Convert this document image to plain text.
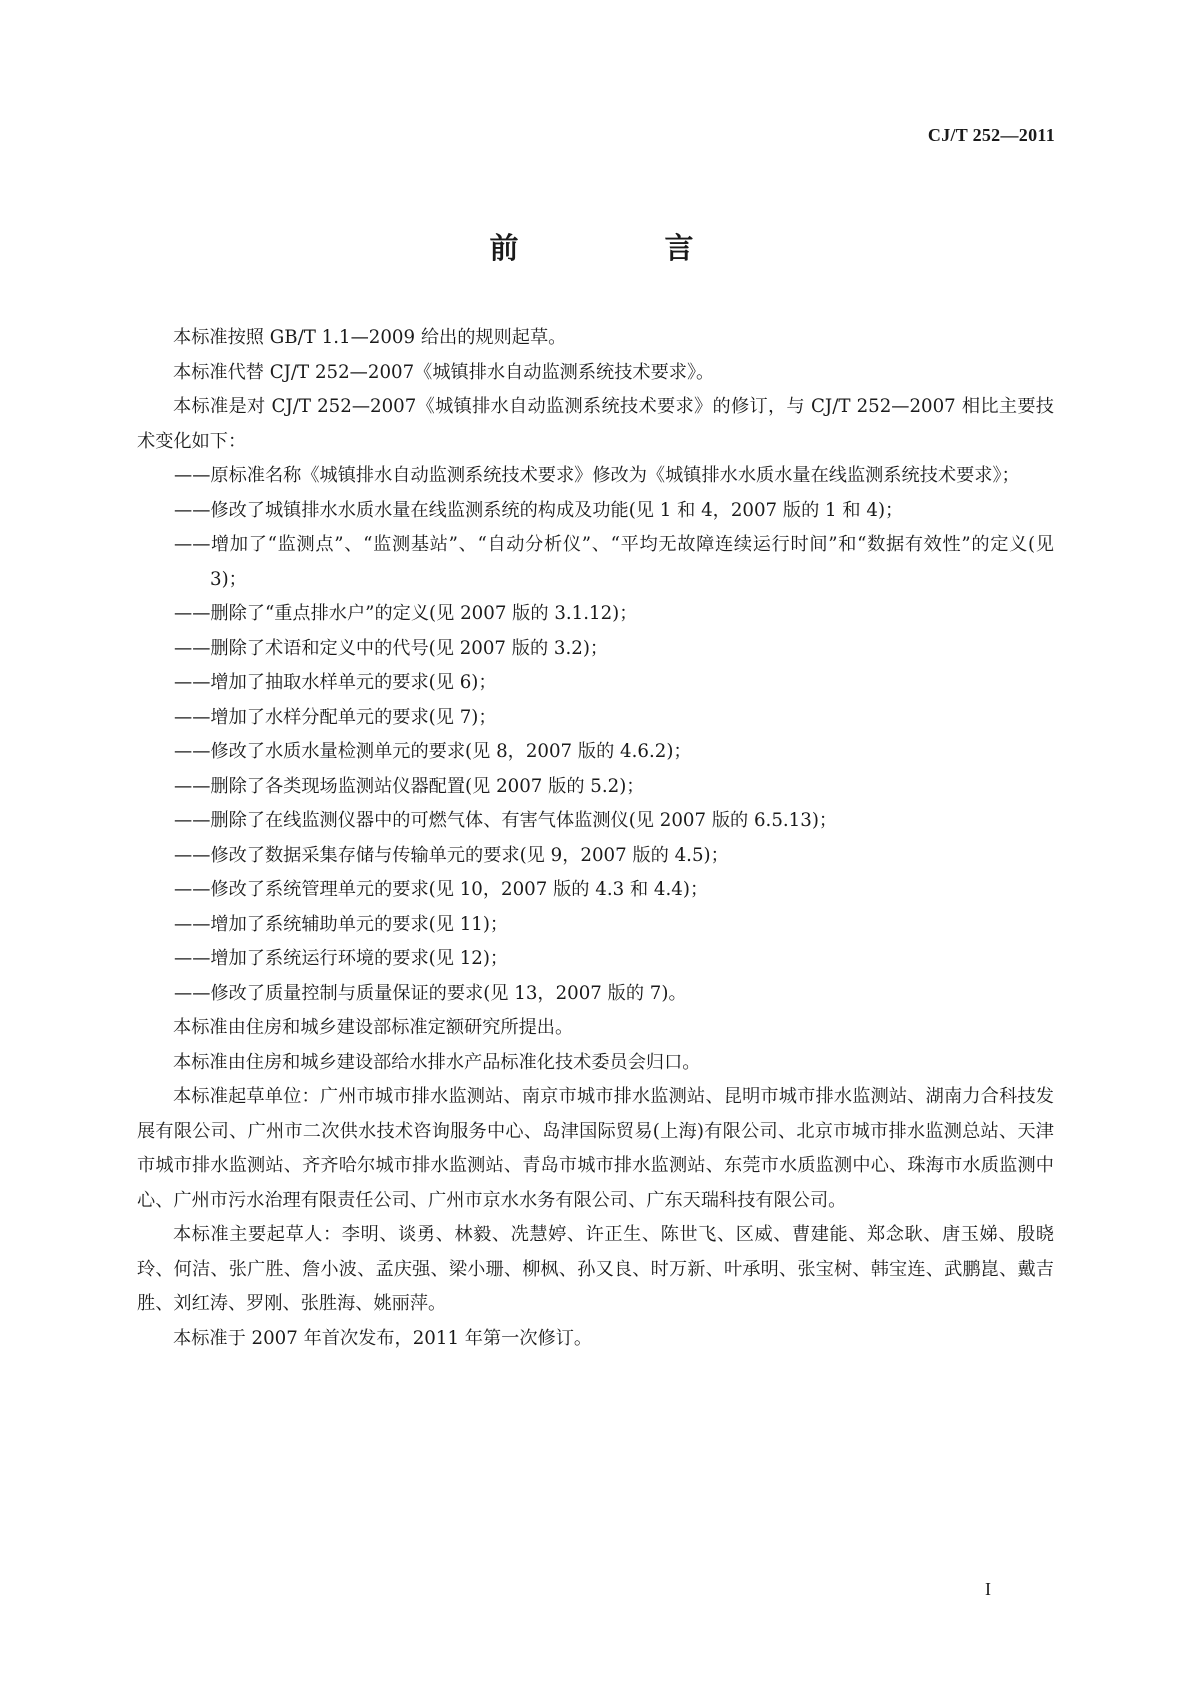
CJ/T 252—2011
前 言

本标准按照 GB/T 1.1—2009 给出的规则起草。

本标准代替 CJ/T 252—2007《城镇排水自动监测系统技术要求》。

本标准是对 CJ/T 252—2007《城镇排水自动监测系统技术要求》的修订，与 CJ/T 252—2007 相比主要技术变化如下：

——原标准名称《城镇排水自动监测系统技术要求》修改为《城镇排水水质水量在线监测系统技术要求》；

——修改了城镇排水水质水量在线监测系统的构成及功能(见 1 和 4，2007 版的 1 和 4)；

——增加了“监测点”、“监测基站”、“自动分析仪”、“平均无故障连续运行时间”和“数据有效性”的定义(见 3)；

——删除了“重点排水户”的定义(见 2007 版的 3.1.12)；

——删除了术语和定义中的代号(见 2007 版的 3.2)；

——增加了抽取水样单元的要求(见 6)；

——增加了水样分配单元的要求(见 7)；

——修改了水质水量检测单元的要求(见 8，2007 版的 4.6.2)；

——删除了各类现场监测站仪器配置(见 2007 版的 5.2)；

——删除了在线监测仪器中的可燃气体、有害气体监测仪(见 2007 版的 6.5.13)；

——修改了数据采集存储与传输单元的要求(见 9，2007 版的 4.5)；

——修改了系统管理单元的要求(见 10，2007 版的 4.3 和 4.4)；

——增加了系统辅助单元的要求(见 11)；

——增加了系统运行环境的要求(见 12)；

——修改了质量控制与质量保证的要求(见 13，2007 版的 7)。

本标准由住房和城乡建设部标准定额研究所提出。

本标准由住房和城乡建设部给水排水产品标准化技术委员会归口。

本标准起草单位：广州市城市排水监测站、南京市城市排水监测站、昆明市城市排水监测站、湖南力合科技发展有限公司、广州市二次供水技术咨询服务中心、岛津国际贸易(上海)有限公司、北京市城市排水监测总站、天津市城市排水监测站、齐齐哈尔城市排水监测站、青岛市城市排水监测站、东莞市水质监测中心、珠海市水质监测中心、广州市污水治理有限责任公司、广州市京水水务有限公司、广东天瑞科技有限公司。

本标准主要起草人：李明、谈勇、林毅、冼慧婷、许正生、陈世飞、区威、曹建能、郑念耿、唐玉娣、殷晓玲、何洁、张广胜、詹小波、孟庆强、梁小珊、柳枫、孙又良、时万新、叶承明、张宝树、韩宝连、武鹏崑、戴吉胜、刘红涛、罗刚、张胜海、姚丽萍。

本标准于 2007 年首次发布，2011 年第一次修订。

I
